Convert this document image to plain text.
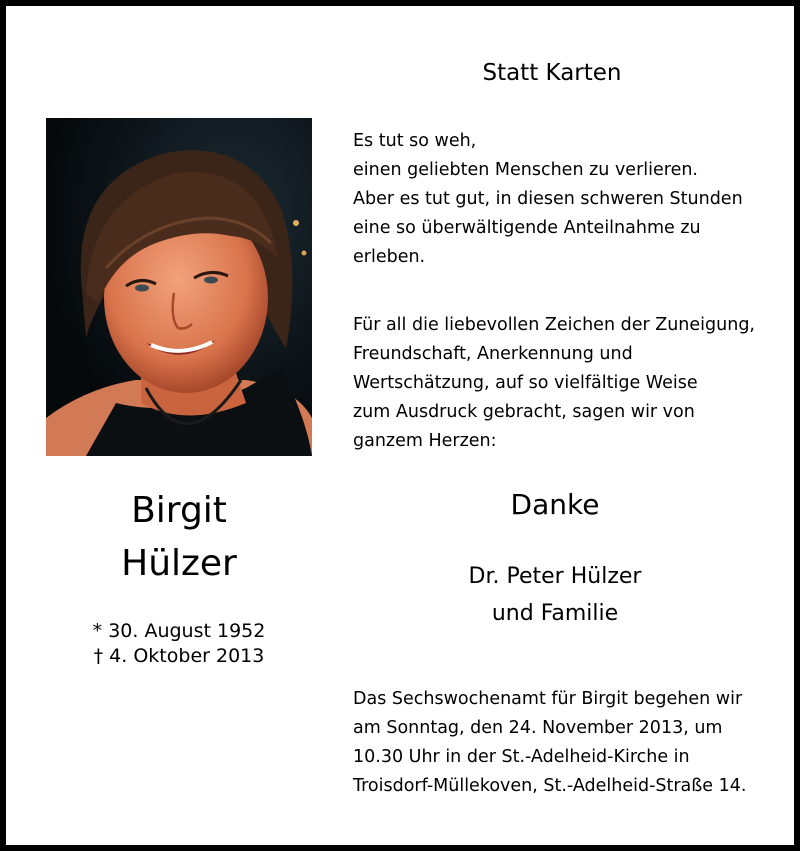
Birgit
Hülzer
* 30. August 1952
† 4. Oktober 2013
Statt Karten
Es tut so weh,
einen geliebten Menschen zu verlieren.
Aber es tut gut, in diesen schweren Stunden
eine so überwältigende Anteilnahme zu
erleben.
Für all die liebevollen Zeichen der Zuneigung,
Freundschaft, Anerkennung und
Wertschätzung, auf so vielfältige Weise
zum Ausdruck gebracht, sagen wir von
ganzem Herzen:
Danke
Dr. Peter Hülzer
und Familie
Das Sechswochenamt für Birgit begehen wir
am Sonntag, den 24. November 2013, um
10.30 Uhr in der St.-Adelheid-Kirche in
Troisdorf-Müllekoven, St.-Adelheid-Straße 14.
